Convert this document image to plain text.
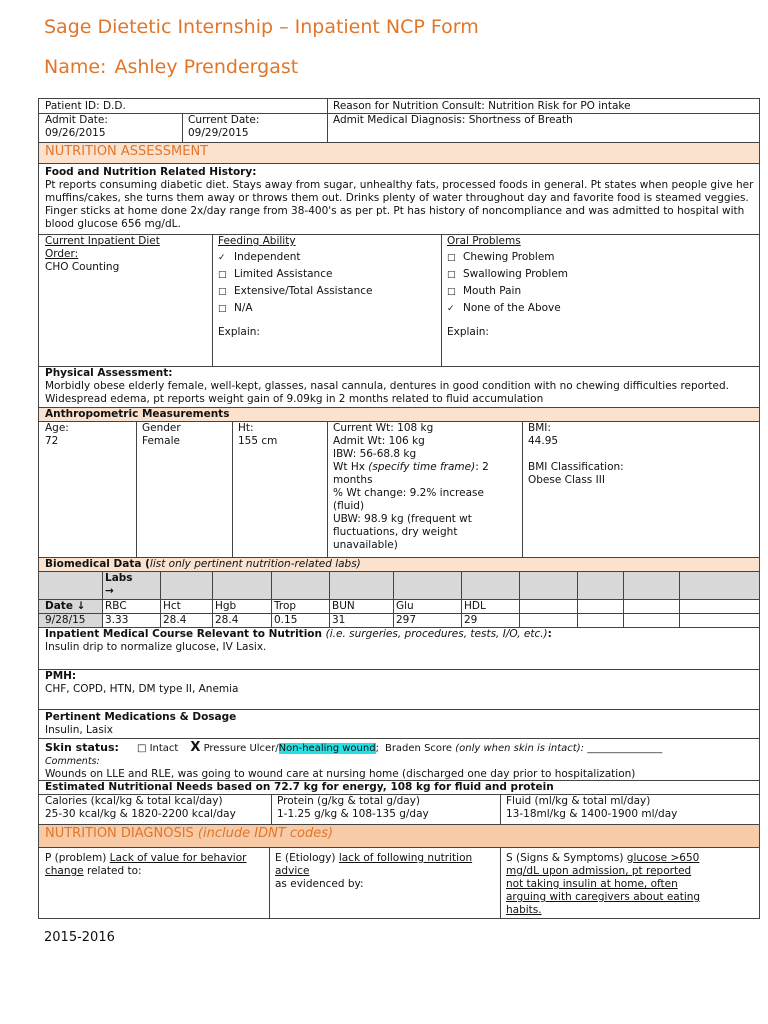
Sage Dietetic Internship – Inpatient NCP Form
Name: Ashley Prendergast
Patient ID: D.D.	Reason for Nutrition Consult: Nutrition Risk for PO intake
Admit Date:
09/26/2015
Current Date:
09/29/2015
Admit Medical Diagnosis: Shortness of Breath
NUTRITION ASSESSMENT
Food and Nutrition Related History:
Pt reports consuming diabetic diet. Stays away from sugar, unhealthy fats, processed foods in general. Pt states when people give her muffins/cakes, she turns them away or throws them out. Drinks plenty of water throughout day and favorite food is steamed veggies. Finger sticks at home done 2x/day range from 38-400's as per pt. Pt has history of noncompliance and was admitted to hospital with blood glucose 656 mg/dL.
Current Inpatient Diet
Order:
CHO Counting
Feeding Ability
✓ Independent
□ Limited Assistance
□ Extensive/Total Assistance
□ N/A
Explain:
Oral Problems
□ Chewing Problem
□ Swallowing Problem
□ Mouth Pain
✓ None of the Above
Explain:
Physical Assessment:
Morbidly obese elderly female, well-kept, glasses, nasal cannula, dentures in good condition with no chewing difficulties reported. Widespread edema, pt reports weight gain of 9.09kg in 2 months related to fluid accumulation
Anthropometric Measurements
Age:
72
Gender
Female
Ht:
155 cm
Current Wt: 108 kg
Admit Wt: 106 kg
IBW: 56-68.8 kg
Wt Hx (specify time frame): 2
months
% Wt change: 9.2% increase
(fluid)
UBW: 98.9 kg (frequent wt
fluctuations, dry weight
unavailable)
BMI:
44.95
BMI Classification:
Obese Class III
Biomedical Data (list only pertinent nutrition-related labs)
Labs
→
Date ↓	RBC	Hct	Hgb	Trop	BUN	Glu	HDL
9/28/15	3.33	28.4	28.4	0.15	31	297	29
Inpatient Medical Course Relevant to Nutrition (i.e. surgeries, procedures, tests, I/O, etc.):
Insulin drip to normalize glucose, IV Lasix.
PMH:
CHF, COPD, HTN, DM type II, Anemia
Pertinent Medications & Dosage
Insulin, Lasix
Skin status: □ Intact X Pressure Ulcer/Non-healing wound; Braden Score (only when skin is intact): _______________
Comments:
Wounds on LLE and RLE, was going to wound care at nursing home (discharged one day prior to hospitalization)
Estimated Nutritional Needs based on 72.7 kg for energy, 108 kg for fluid and protein
Calories (kcal/kg & total kcal/day)
25-30 kcal/kg & 1820-2200 kcal/day
Protein (g/kg & total g/day)
1-1.25 g/kg & 108-135 g/day
Fluid (ml/kg & total ml/day)
13-18ml/kg & 1400-1900 ml/day
NUTRITION DIAGNOSIS (include IDNT codes)
P (problem) Lack of value for behavior
change related to:
E (Etiology) lack of following nutrition
advice
as evidenced by:
S (Signs & Symptoms) glucose >650
mg/dL upon admission, pt reported
not taking insulin at home, often
arguing with caregivers about eating
habits.
2015-2016
